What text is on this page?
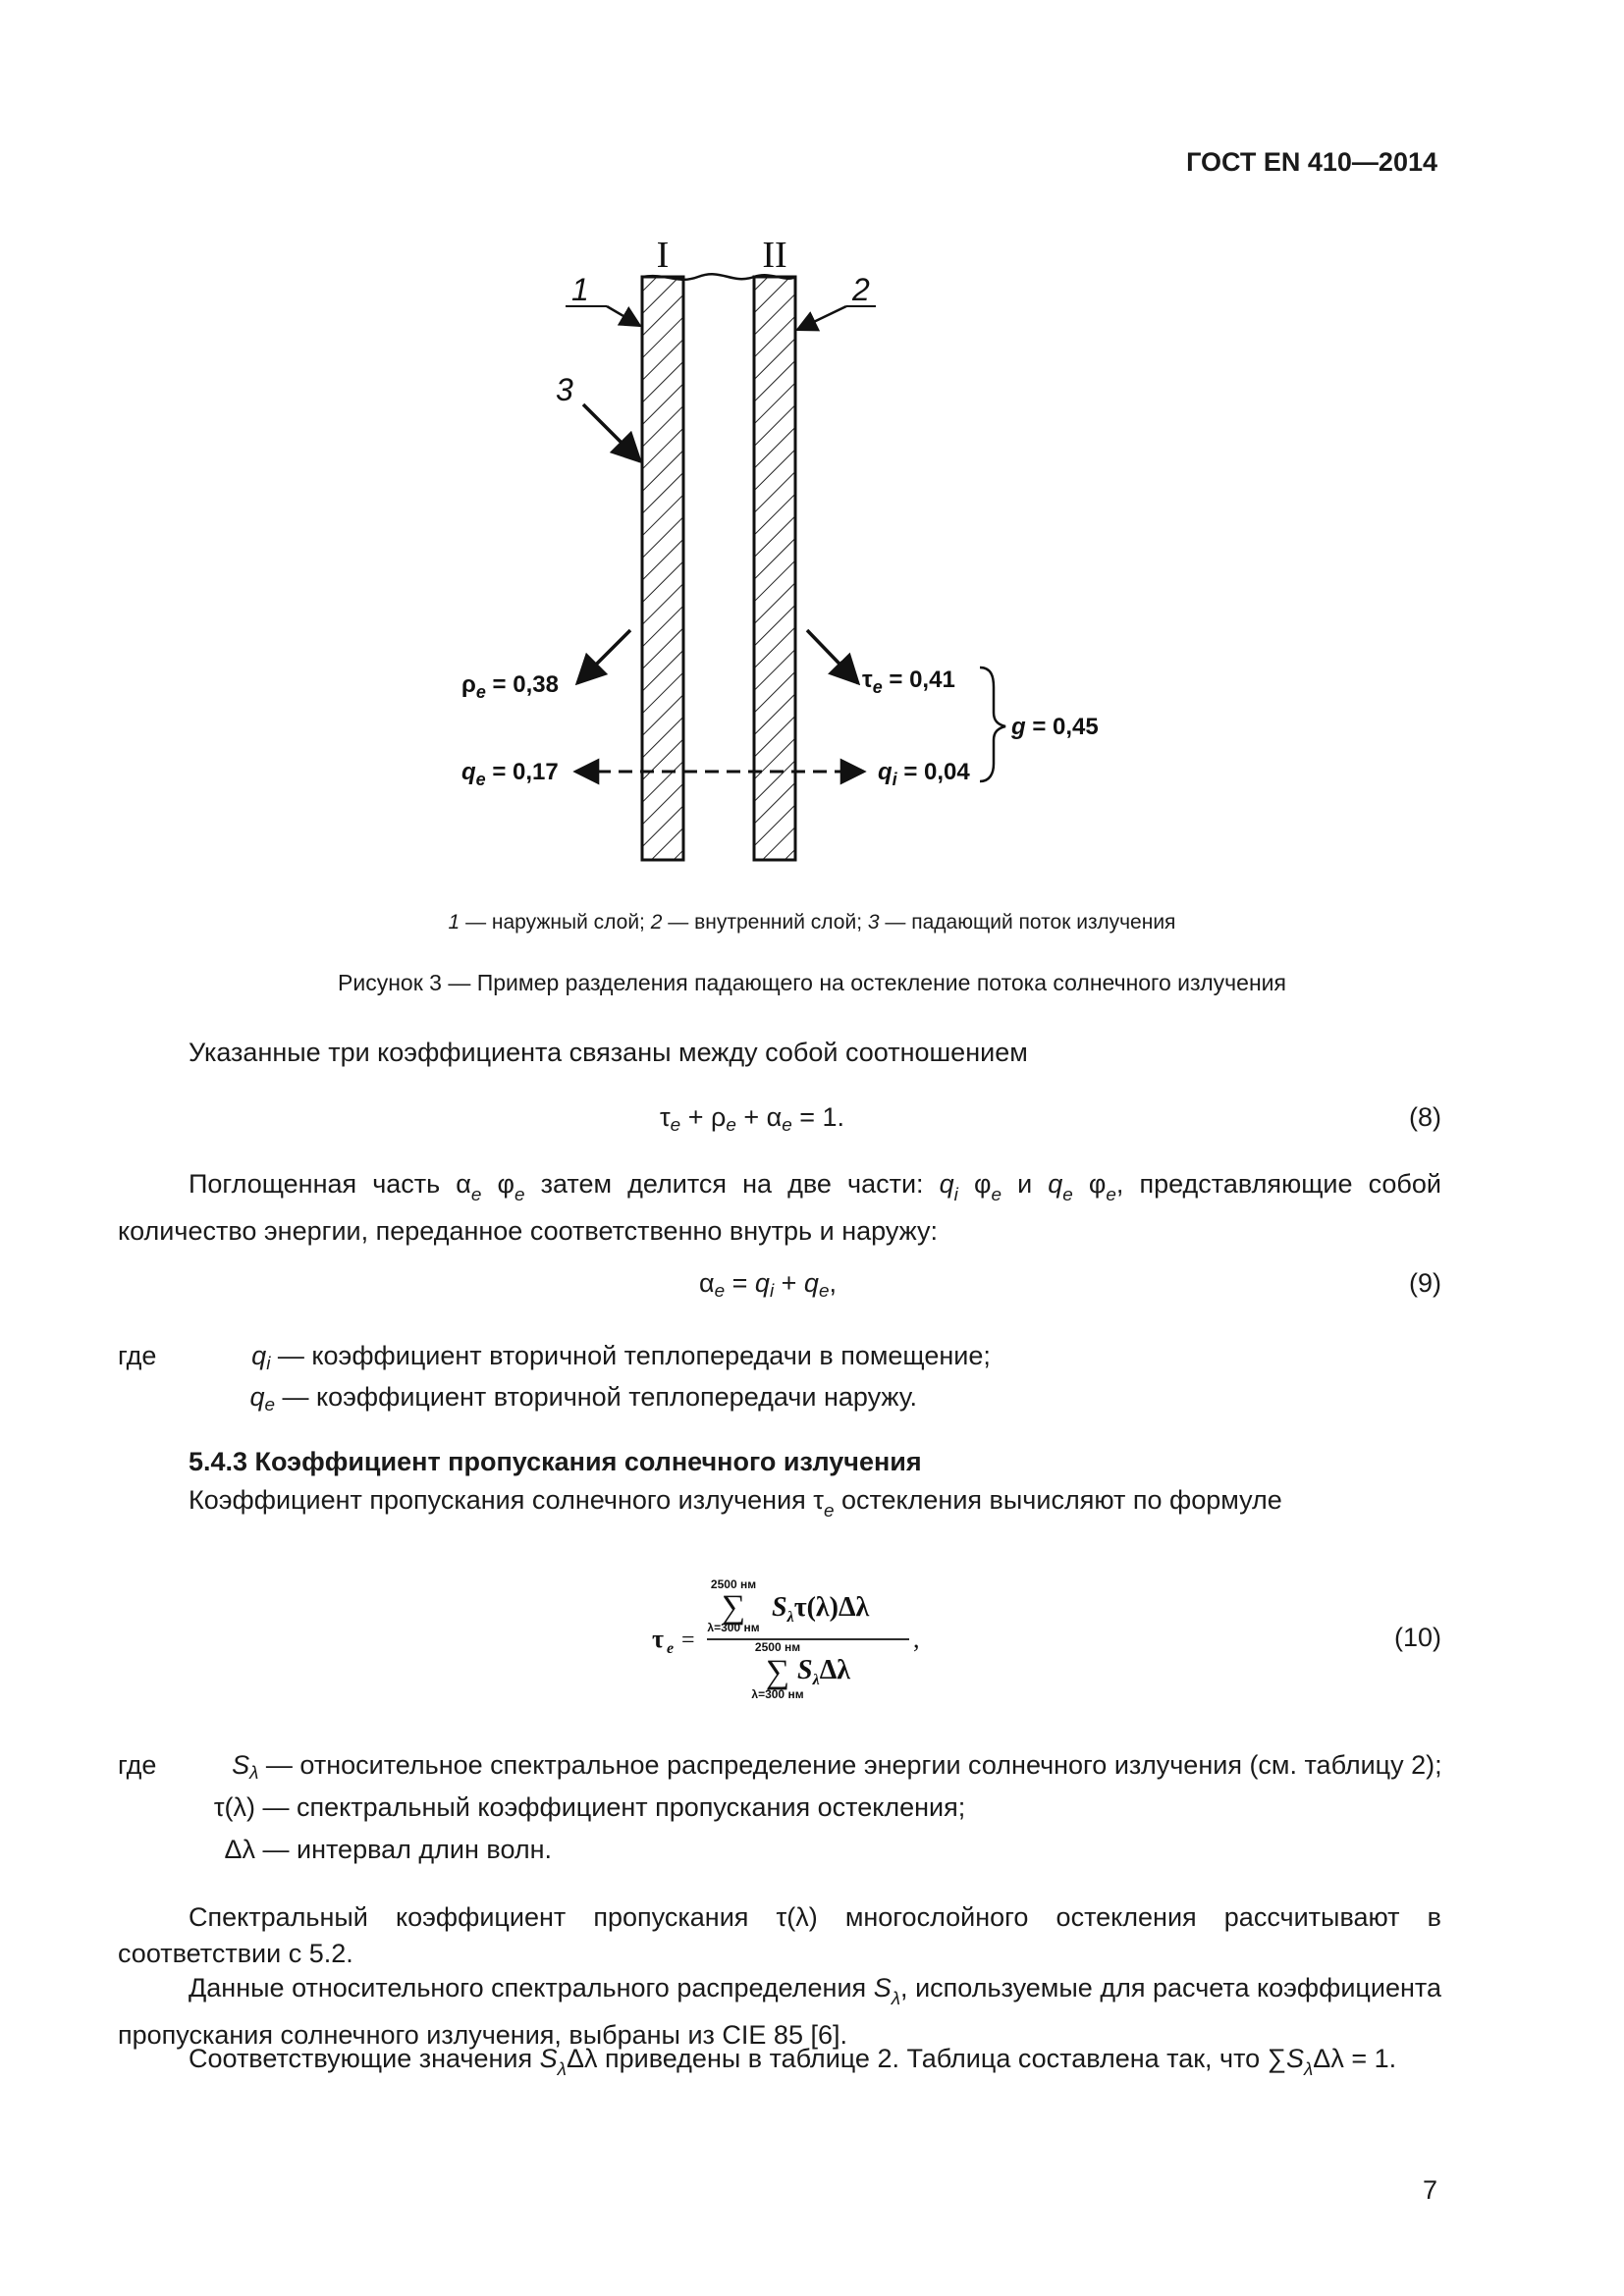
ГОСТ EN 410—2014
I	II
1	2
3
$\rho_e = 0,38$	$\tau_e = 0,41$
$q_e = 0,17$	$q_i = 0,04$
g = 0,45
1 — наружный слой; 2 — внутренний слой; 3 — падающий поток излучения
Рисунок 3 — Пример разделения падающего на остекление потока солнечного излучения
Указанные три коэффициента связаны между собой соотношением
τe + ρe + αe = 1.	(8)
Поглощенная часть $\alpha_e$ $\varphi_e$ затем делится на две части: $q_i$ $\varphi_e$ и $q_e$ $\varphi_e$, представляющие собой количество энергии, переданное соответственно внутрь и наружу:
αe = qi + qe,	(9)
где	qi — коэффициент вторичной теплопередачи в помещение;
qe — коэффициент вторичной теплопередачи наружу.
5.4.3 Коэффициент пропускания солнечного излучения
Коэффициент пропускания солнечного излучения $\tau_e$ остекления вычисляют по формуле
τ e =
2500 нм
∑
λ=300 нм
$S_\lambda\tau(\lambda)\Delta\lambda$
2500 нм
∑
λ=300 нм
$S_\lambda\Delta\lambda$
,	(10)
где	Sλ — относительное спектральное распределение энергии солнечного излучения (см. таблицу 2);
τ(λ) — спектральный коэффициент пропускания остекления;
Δλ — интервал длин волн.
Спектральный коэффициент пропускания τ(λ) многослойного остекления рассчитывают в соответствии с 5.2.
Данные относительного спектрального распределения $S_\lambda$, используемые для расчета коэффициента пропускания солнечного излучения, выбраны из CIE 85 [6].
Соответствующие значения $S_\lambda\Delta\lambda$ приведены в таблице 2. Таблица составлена так, что $\sum S_\lambda\Delta\lambda = 1$.
7
